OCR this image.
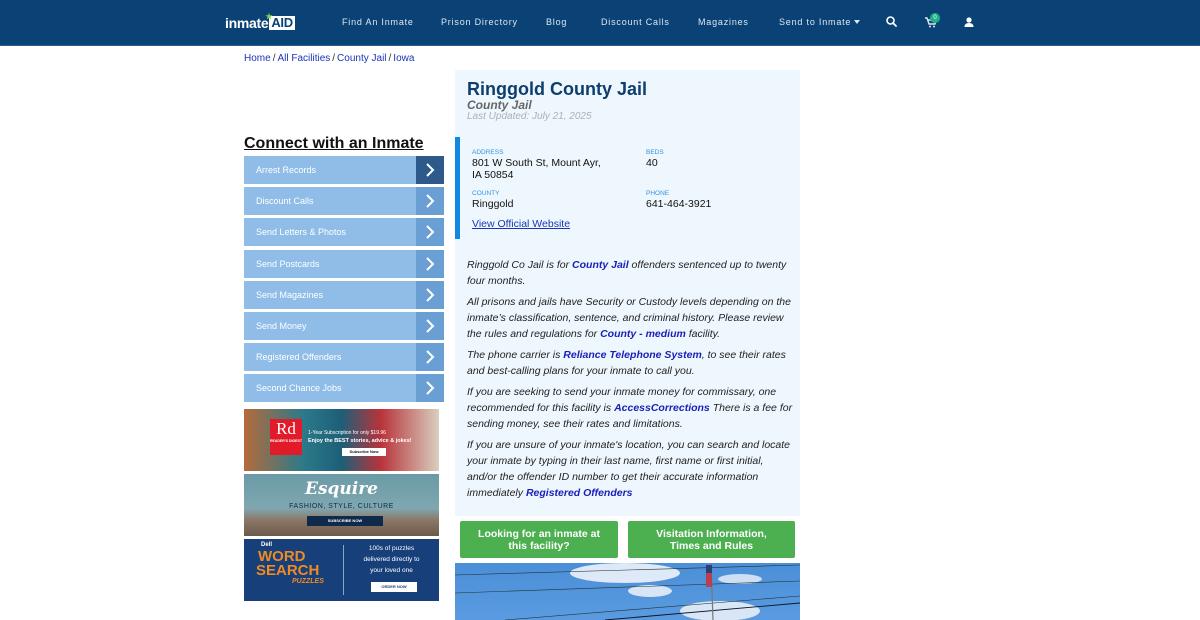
inmate
★ AID	Find An Inmate	Prison Directory	Blog	Discount Calls	Magazines	Send to Inmate	0
Home / All Facilities / County Jail / Iowa
Connect with an Inmate
Arrest Records
Discount Calls
Send Letters & Photos
Send Postcards
Send Magazines
Send Money
Registered Offenders
Second Chance Jobs
Rd
READER'S DIGEST
1-Year Subscription for only $19.96
Enjoy the BEST stories, advice & jokes!
Subscribe Now
Esquire
FASHION, STYLE, CULTURE
SUBSCRIBE NOW
Dell
WORD
SEARCH
PUZZLES
100s of puzzles
delivered directly to
your loved one
ORDER NOW
Ringgold County Jail
County Jail
Last Updated: July 21, 2025
ADDRESS
801 W South St, Mount Ayr,
IA 50854
BEDS
40
COUNTY
Ringgold
PHONE
641-464-3921
View Official Website

Ringgold Co Jail is for County Jail offenders sentenced up to twenty four months.

All prisons and jails have Security or Custody levels depending on the inmate’s classification, sentence, and criminal history. Please review the rules and regulations for County - medium facility.

The phone carrier is Reliance Telephone System, to see their rates and best-calling plans for your inmate to call you.

If you are seeking to send your inmate money for commissary, one recommended for this facility is AccessCorrections There is a fee for sending money, see their rates and limitations.

If you are unsure of your inmate's location, you can search and locate your inmate by typing in their last name, first name or first initial, and/or the offender ID number to get their accurate information immediately Registered Offenders

Looking for an inmate at this facility?
Visitation Information, Times and Rules
